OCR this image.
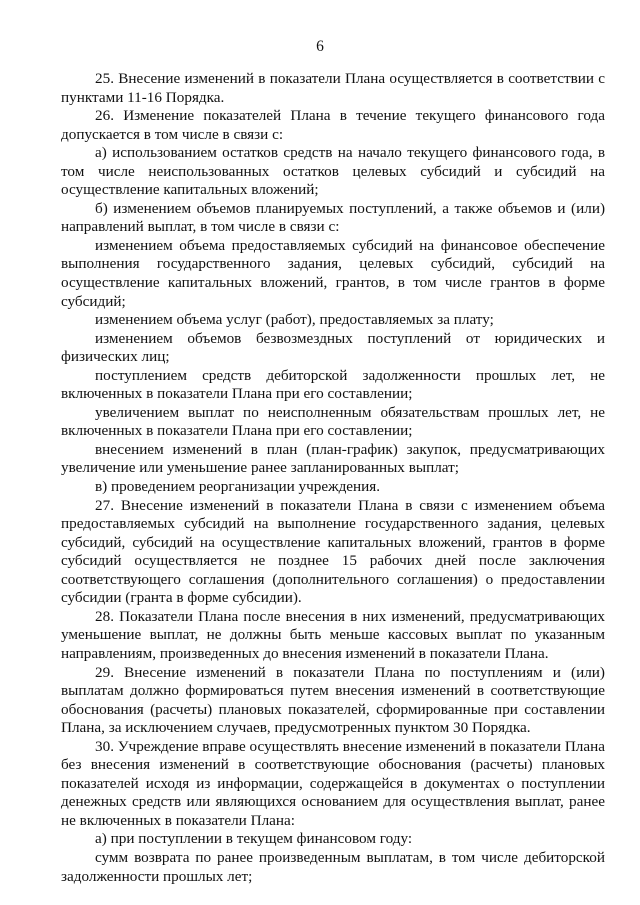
6

25. Внесение изменений в показатели Плана осуществляется в соответствии с пунктами 11-16 Порядка.

26. Изменение показателей Плана в течение текущего финансового года допускается в том числе в связи с:

а) использованием остатков средств на начало текущего финансового года, в том числе неиспользованных остатков целевых субсидий и субсидий на осуществление капитальных вложений;

б) изменением объемов планируемых поступлений, а также объемов и (или) направлений выплат, в том числе в связи с:

изменением объема предоставляемых субсидий на финансовое обеспечение выполнения государственного задания, целевых субсидий, субсидий на осуществление капитальных вложений, грантов, в том числе грантов в форме субсидий;

изменением объема услуг (работ), предоставляемых за плату;

изменением объемов безвозмездных поступлений от юридических и физических лиц;

поступлением средств дебиторской задолженности прошлых лет, не включенных в показатели Плана при его составлении;

увеличением выплат по неисполненным обязательствам прошлых лет, не включенных в показатели Плана при его составлении;

внесением изменений в план (план-график) закупок, предусматривающих увеличение или уменьшение ранее запланированных выплат;

в) проведением реорганизации учреждения.

27. Внесение изменений в показатели Плана в связи с изменением объема предоставляемых субсидий на выполнение государственного задания, целевых субсидий, субсидий на осуществление капитальных вложений, грантов в форме субсидий осуществляется не позднее 15 рабочих дней после заключения соответствующего соглашения (дополнительного соглашения) о предоставлении субсидии (гранта в форме субсидии).

28. Показатели Плана после внесения в них изменений, предусматривающих уменьшение выплат, не должны быть меньше кассовых выплат по указанным направлениям, произведенных до внесения изменений в показатели Плана.

29. Внесение изменений в показатели Плана по поступлениям и (или) выплатам должно формироваться путем внесения изменений в соответствующие обоснования (расчеты) плановых показателей, сформированные при составлении Плана, за исключением случаев, предусмотренных пунктом 30 Порядка.

30. Учреждение вправе осуществлять внесение изменений в показатели Плана без внесения изменений в соответствующие обоснования (расчеты) плановых показателей исходя из информации, содержащейся в документах о поступлении денежных средств или являющихся основанием для осуществления выплат, ранее не включенных в показатели Плана:

а) при поступлении в текущем финансовом году:

сумм возврата по ранее произведенным выплатам, в том числе дебиторской задолженности прошлых лет;
